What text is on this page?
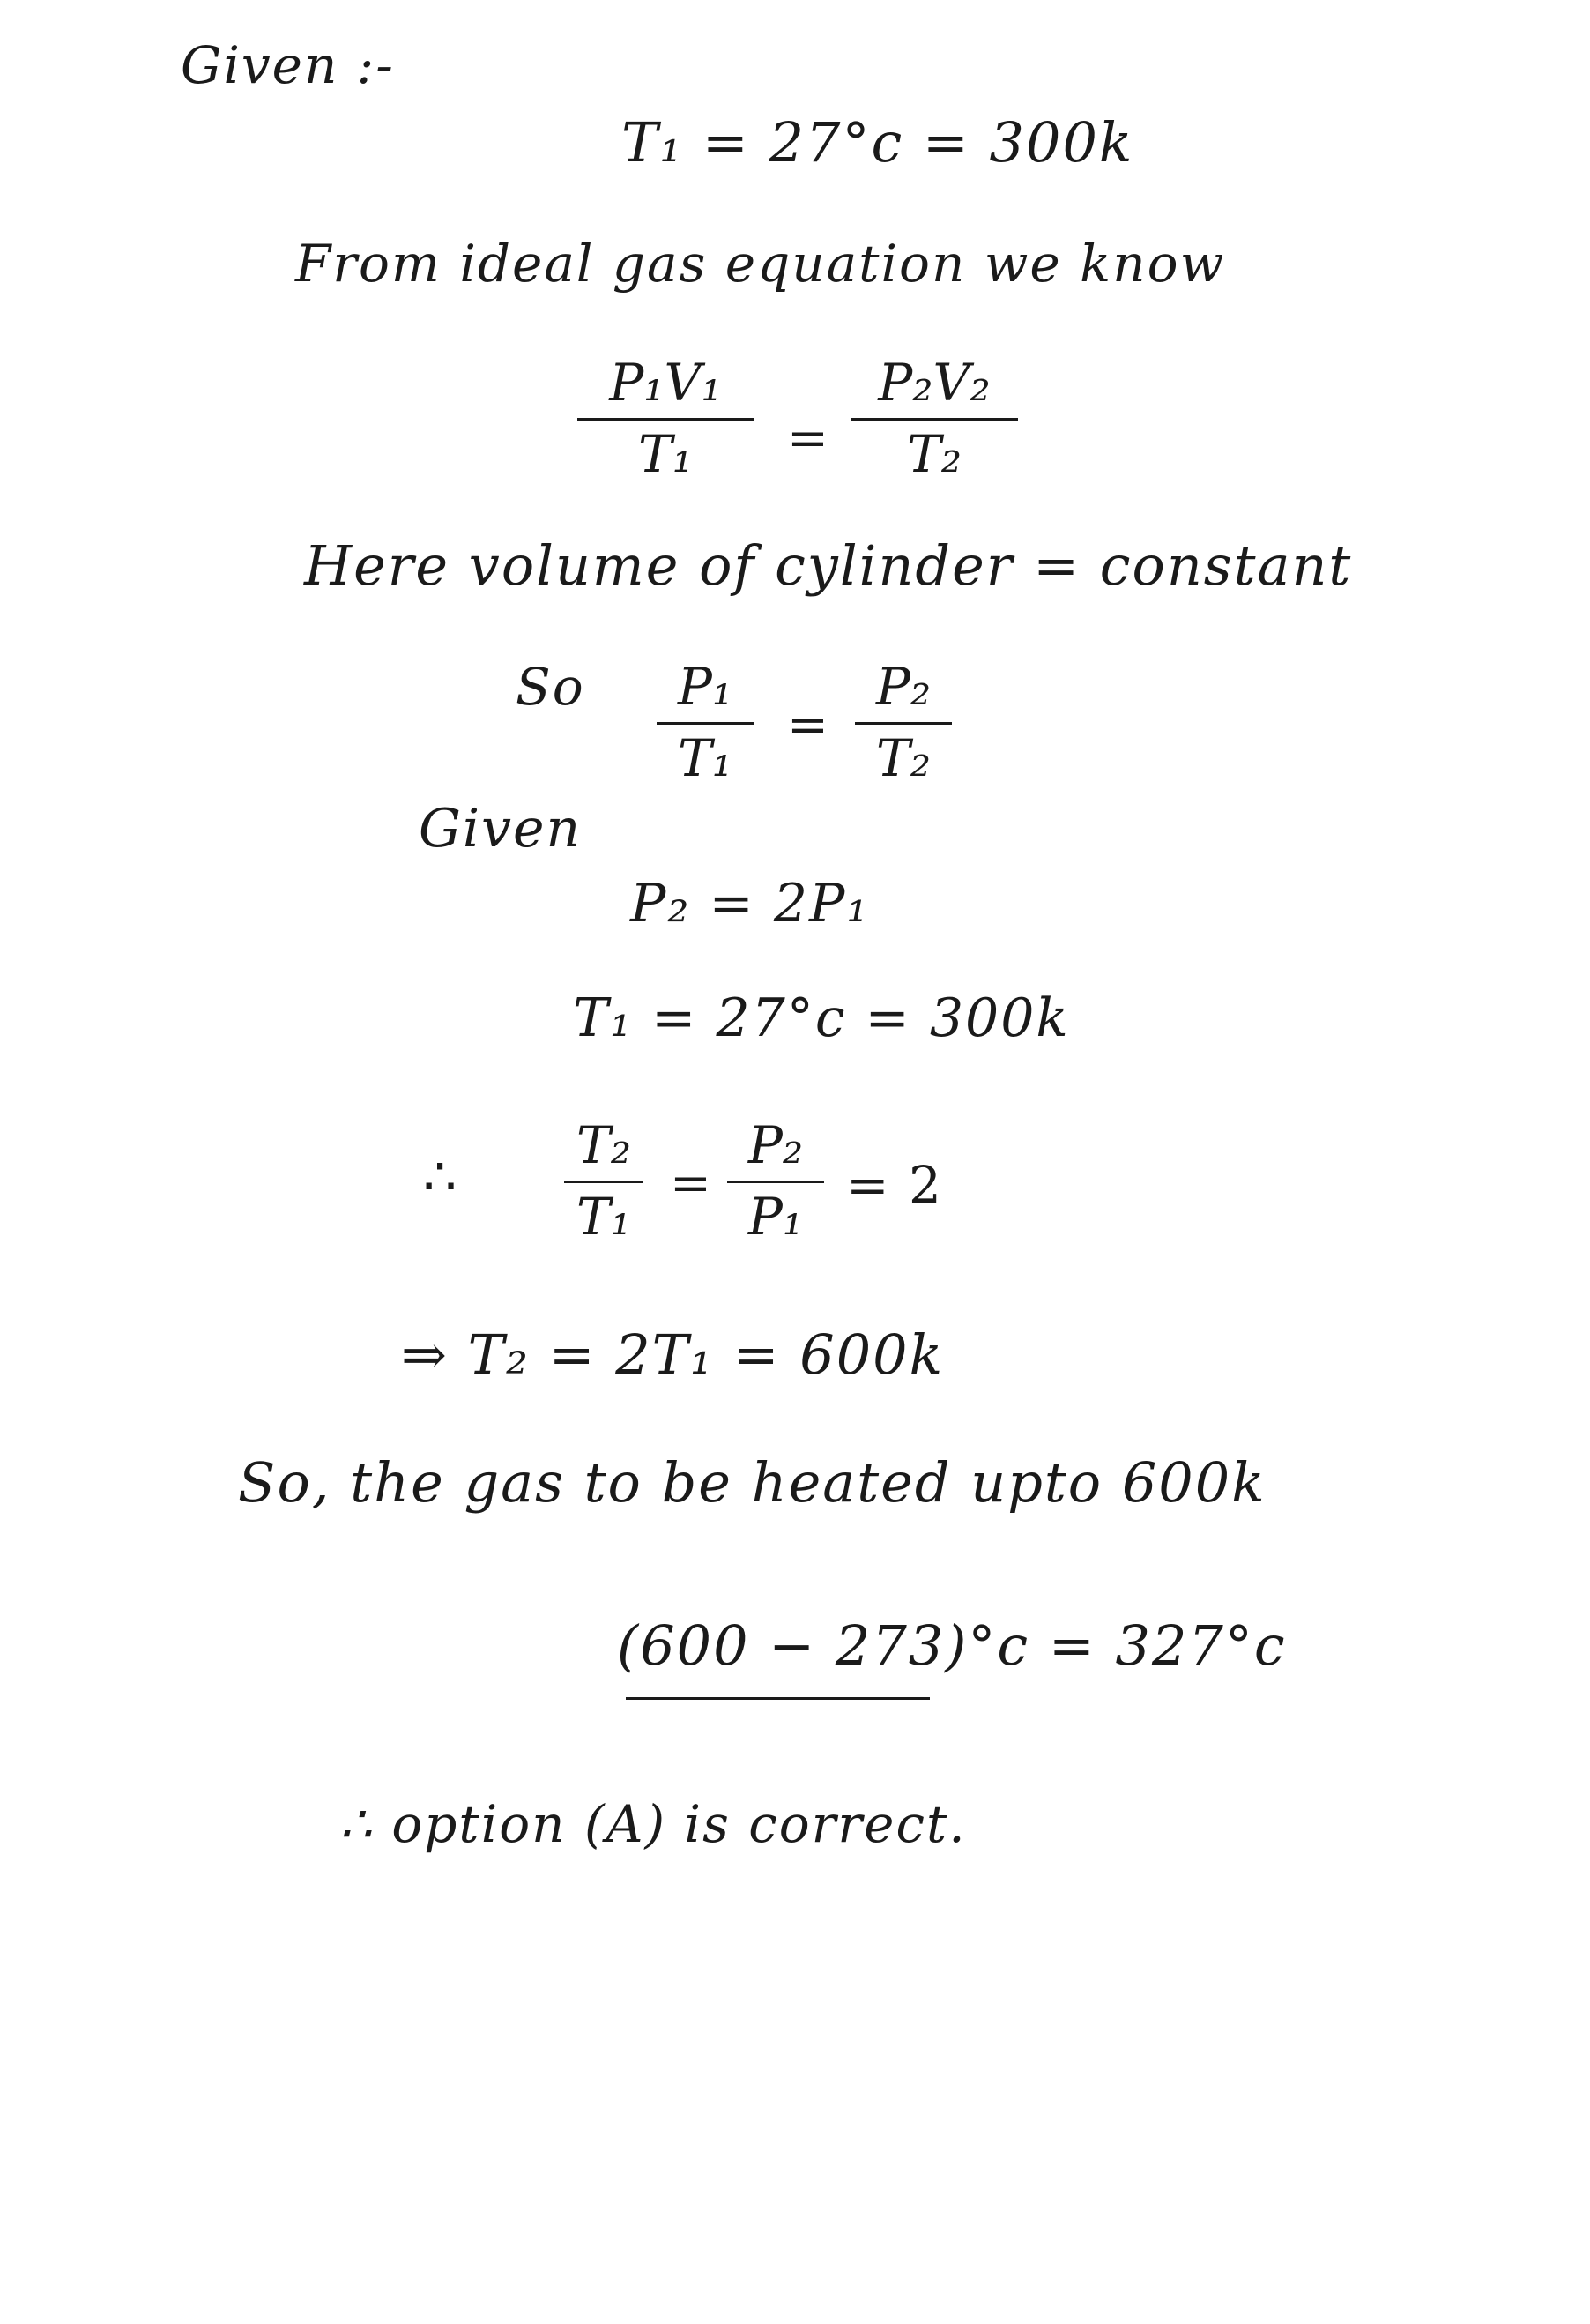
Given :-
T₁ = 27°c = 300k
From ideal gas equation we know
P₁V₁
T₁ =
P₂V₂
T₂
Here volume of cylinder = constant
So P₁
T₁
=
P₂
T₂
Given
P₂ = 2P₁
T₁ = 27°c = 300k
∴
T₂
T₁
=
P₂
P₁
= 2
⇒ T₂ = 2T₁ = 600k
So, the gas to be heated upto 600k
(600 − 273)°c = 327°c
∴ option (A) is correct.
